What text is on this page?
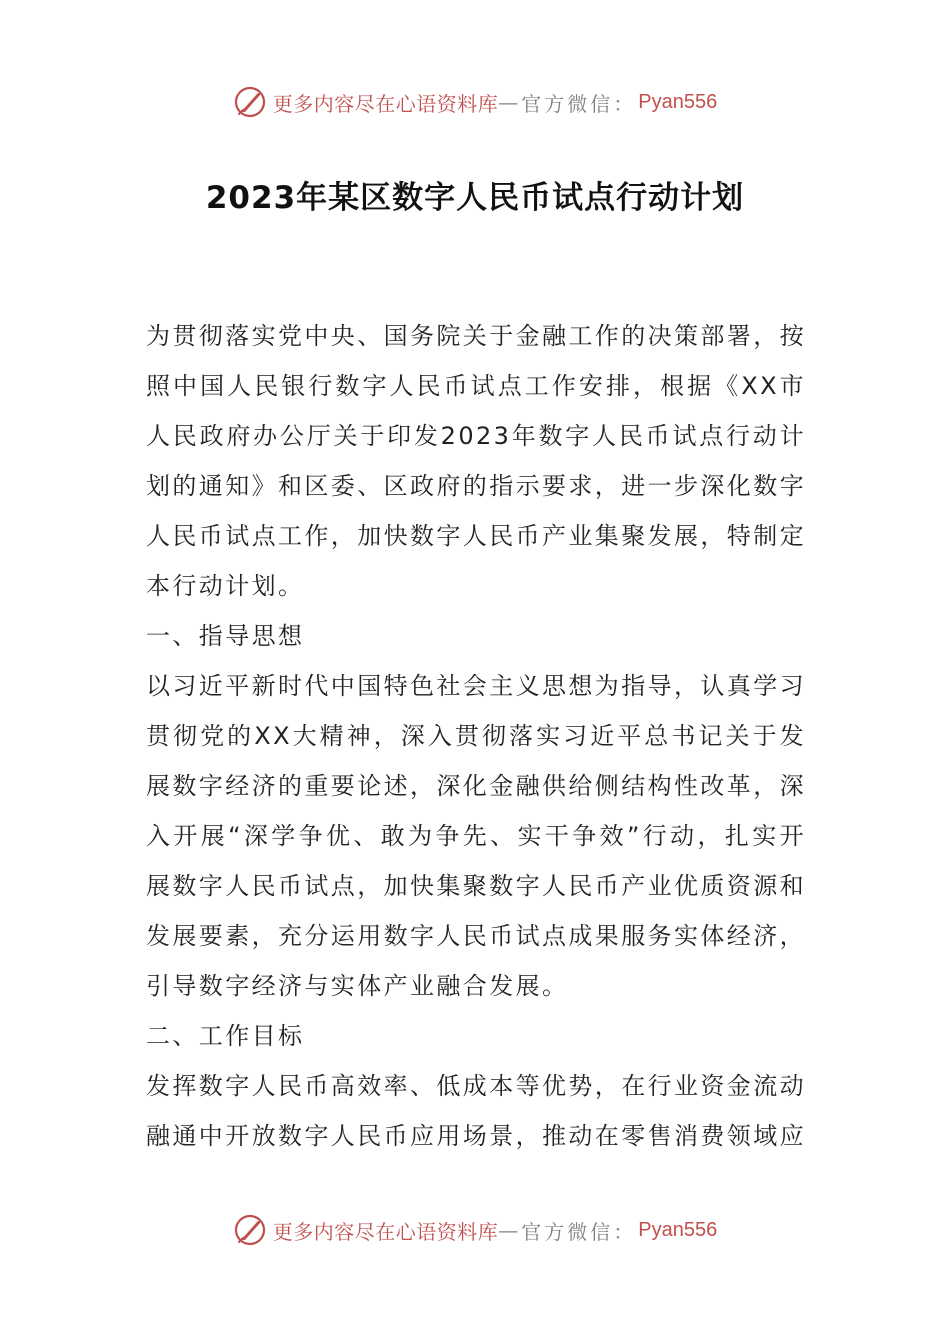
更多内容尽在心语资料库 — 官方微信： Pyan556
2023年某区数字人民币试点行动计划

为贯彻落实党中央、国务院关于金融工作的决策部署，按照中国人民银行数字人民币试点工作安排，根据《XX市人民政府办公厅关于印发2023年数字人民币试点行动计划的通知》和区委、区政府的指示要求，进一步深化数字人民币试点工作，加快数字人民币产业集聚发展，特制定本行动计划。

一、指导思想

以习近平新时代中国特色社会主义思想为指导，认真学习贯彻党的XX大精神，深入贯彻落实习近平总书记关于发展数字经济的重要论述，深化金融供给侧结构性改革，深入开展“深学争优、敢为争先、实干争效”行动，扎实开展数字人民币试点，加快集聚数字人民币产业优质资源和发展要素，充分运用数字人民币试点成果服务实体经济，引导数字经济与实体产业融合发展。

二、工作目标

发挥数字人民币高效率、低成本等优势，在行业资金流动融通中开放数字人民币应用场景，推动在零售消费领域应

更多内容尽在心语资料库 — 官方微信： Pyan556
